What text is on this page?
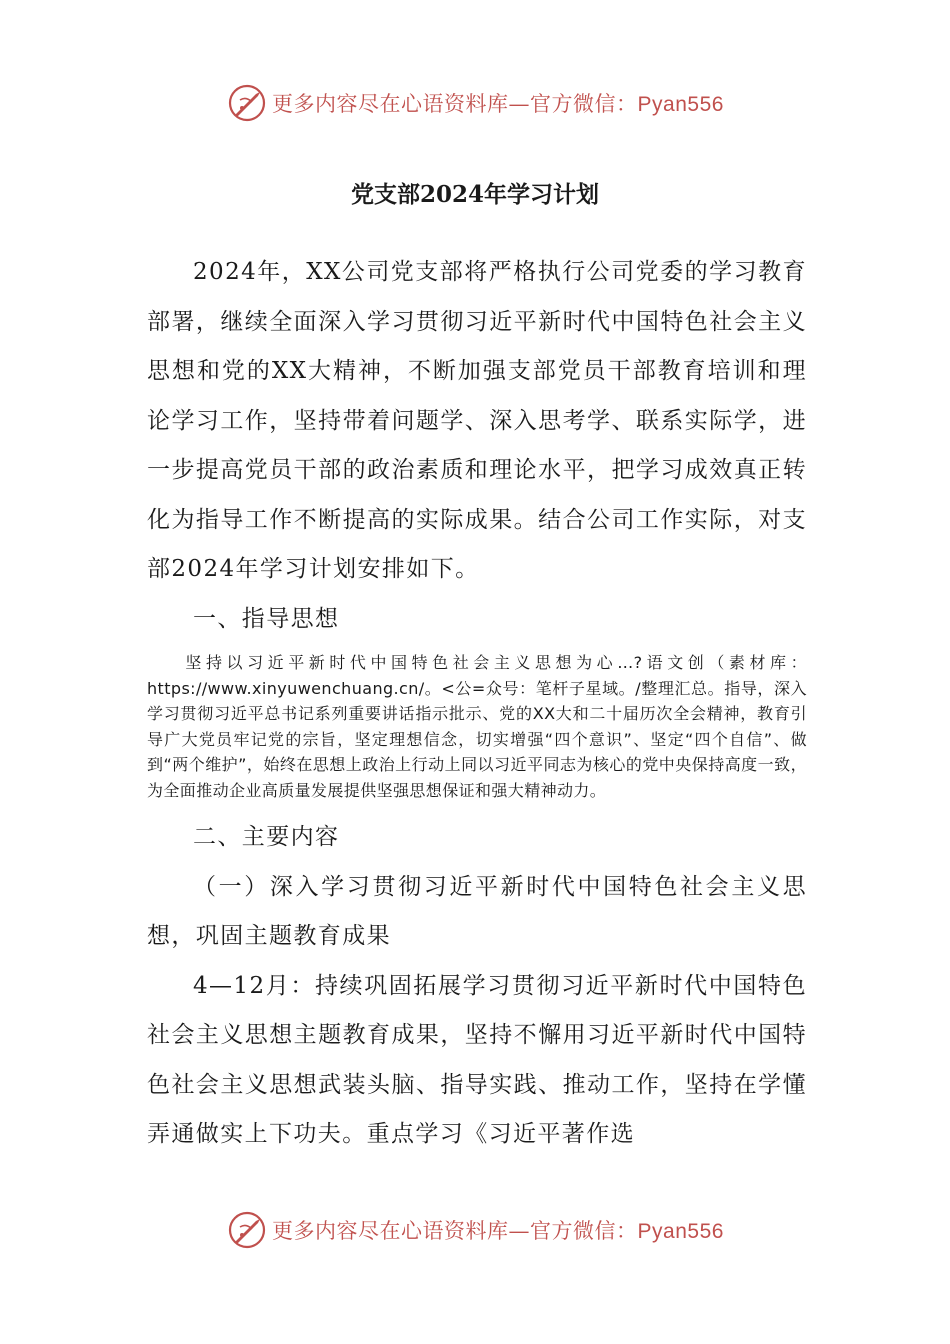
更多内容尽在心语资料库—官方微信：Pyan556
党支部2024年学习计划

2024年，XX公司党支部将严格执行公司党委的学习教育部署，继续全面深入学习贯彻习近平新时代中国特色社会主义思想和党的XX大精神，不断加强支部党员干部教育培训和理论学习工作，坚持带着问题学、深入思考学、联系实际学，进一步提高党员干部的政治素质和理论水平，把学习成效真正转化为指导工作不断提高的实际成果。结合公司工作实际，对支部2024年学习计划安排如下。

一、指导思想

坚持以习近平新时代中国特色社会主义思想为心…?语文创（素材库：https://www.xinyuwenchuang.cn/。<公=众号：笔杆子星域。/整理汇总。指导，深入学习贯彻习近平总书记系列重要讲话指示批示、党的XX大和二十届历次全会精神，教育引导广大党员牢记党的宗旨，坚定理想信念，切实增强“四个意识”、坚定“四个自信”、做到“两个维护”，始终在思想上政治上行动上同以习近平同志为核心的党中央保持高度一致，为全面推动企业高质量发展提供坚强思想保证和强大精神动力。

二、主要内容

（一）深入学习贯彻习近平新时代中国特色社会主义思想，巩固主题教育成果

4—12月：持续巩固拓展学习贯彻习近平新时代中国特色社会主义思想主题教育成果，坚持不懈用习近平新时代中国特色社会主义思想武装头脑、指导实践、推动工作，坚持在学懂弄通做实上下功夫。重点学习《习近平著作选

更多内容尽在心语资料库—官方微信：Pyan556
